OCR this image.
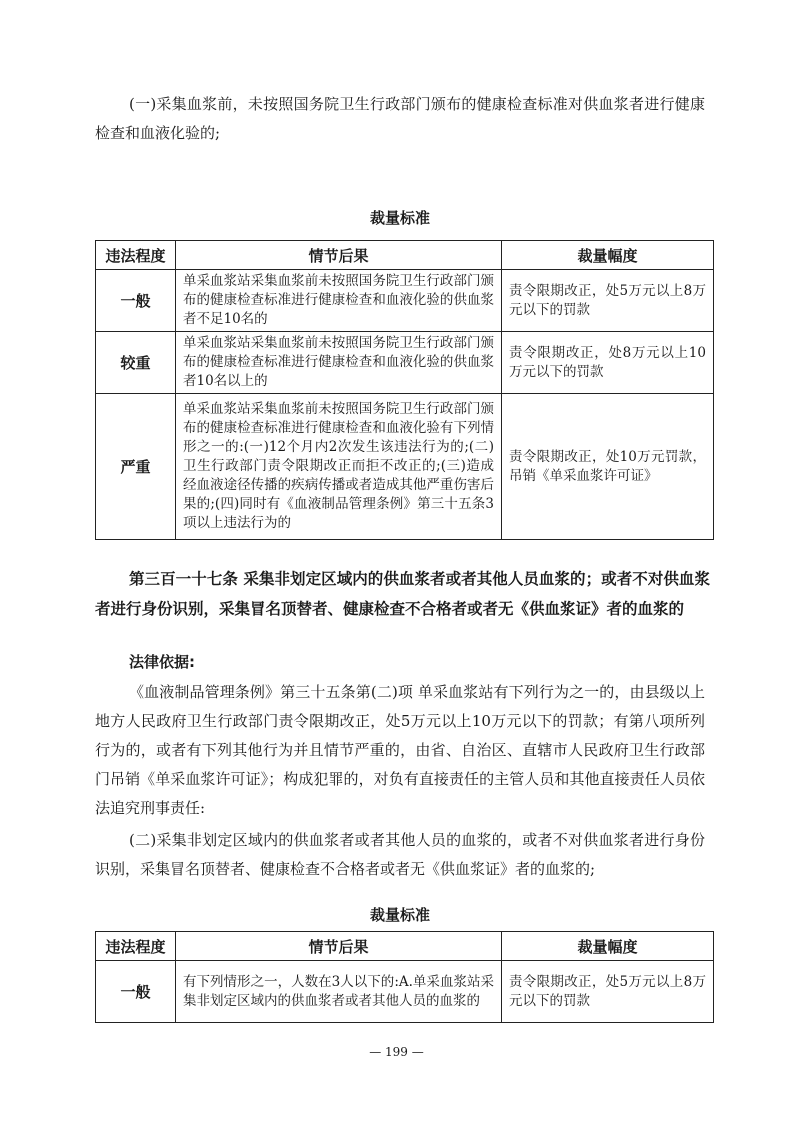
(一)采集血浆前，未按照国务院卫生行政部门颁布的健康检查标准对供血浆者进行健康检查和血液化验的;

裁量标准

违法程度	情节后果	裁量幅度
一般	单采血浆站采集血浆前未按照国务院卫生行政部门颁布的健康检查标准进行健康检查和血液化验的供血浆者不足10名的	责令限期改正，处5万元以上8万元以下的罚款
较重	单采血浆站采集血浆前未按照国务院卫生行政部门颁布的健康检查标准进行健康检查和血液化验的供血浆者10名以上的	责令限期改正，处8万元以上10万元以下的罚款
严重	单采血浆站采集血浆前未按照国务院卫生行政部门颁布的健康检查标准进行健康检查和血液化验有下列情形之一的:(一)12个月内2次发生该违法行为的;(二)卫生行政部门责令限期改正而拒不改正的;(三)造成经血液途径传播的疾病传播或者造成其他严重伤害后果的;(四)同时有《血液制品管理条例》第三十五条3项以上违法行为的	责令限期改正，处10万元罚款，吊销《单采血浆许可证》

第三百一十七条 采集非划定区域内的供血浆者或者其他人员血浆的；或者不对供血浆者进行身份识别，采集冒名顶替者、健康检查不合格者或者无《供血浆证》者的血浆的

法律依据:

《血液制品管理条例》第三十五条第(二)项 单采血浆站有下列行为之一的，由县级以上地方人民政府卫生行政部门责令限期改正，处5万元以上10万元以下的罚款；有第八项所列行为的，或者有下列其他行为并且情节严重的，由省、自治区、直辖市人民政府卫生行政部门吊销《单采血浆许可证》；构成犯罪的，对负有直接责任的主管人员和其他直接责任人员依法追究刑事责任:

(二)采集非划定区域内的供血浆者或者其他人员的血浆的，或者不对供血浆者进行身份识别，采集冒名顶替者、健康检查不合格者或者无《供血浆证》者的血浆的;

裁量标准

违法程度	情节后果	裁量幅度
一般	有下列情形之一，人数在3人以下的:A.单采血浆站采集非划定区域内的供血浆者或者其他人员的血浆的	责令限期改正，处5万元以上8万元以下的罚款
— 199 —
